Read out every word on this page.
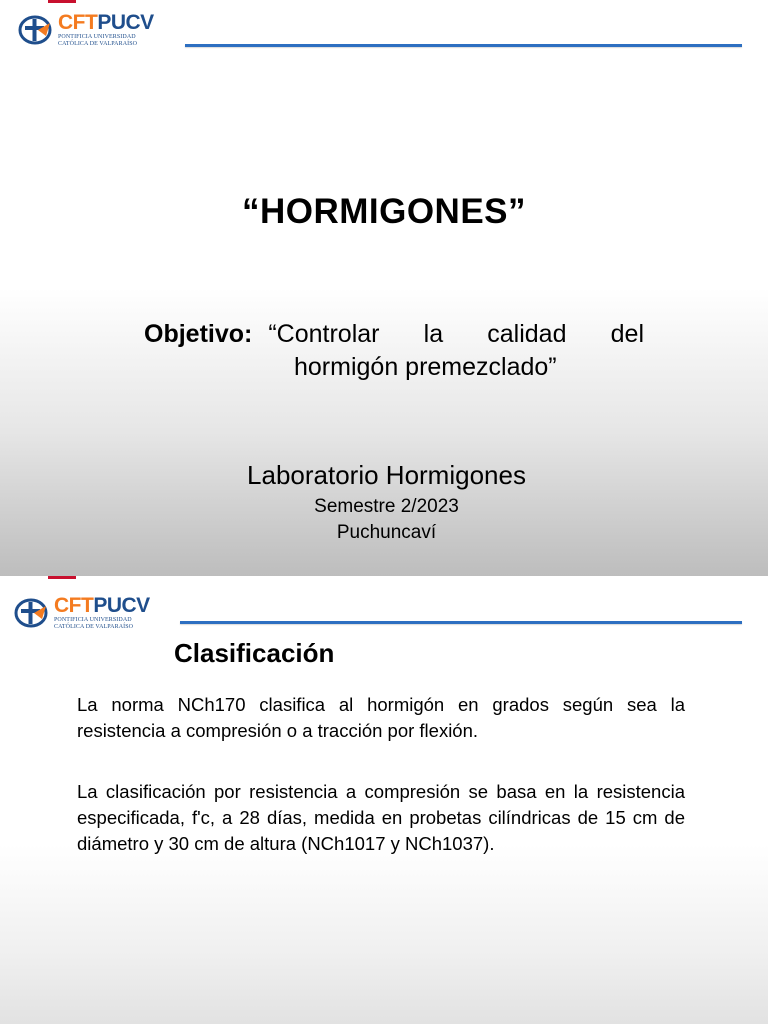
CFTPUCV
PONTIFICIA UNIVERSIDAD
CATÓLICA DE VALPARAÍSO
“HORMIGONES”
Objetivo: “Controlar la calidad del
hormigón premezclado”
Laboratorio Hormigones
Semestre 2/2023
Puchuncaví
CFTPUCV
PONTIFICIA UNIVERSIDAD
CATÓLICA DE VALPARAÍSO
Clasificación
La norma NCh170 clasifica al hormigón en grados según sea la resistencia a compresión o a tracción por flexión.
La clasificación por resistencia a compresión se basa en la resistencia especificada, f'c, a 28 días, medida en probetas cilíndricas de 15 cm de diámetro y 30 cm de altura (NCh1017 y NCh1037).
